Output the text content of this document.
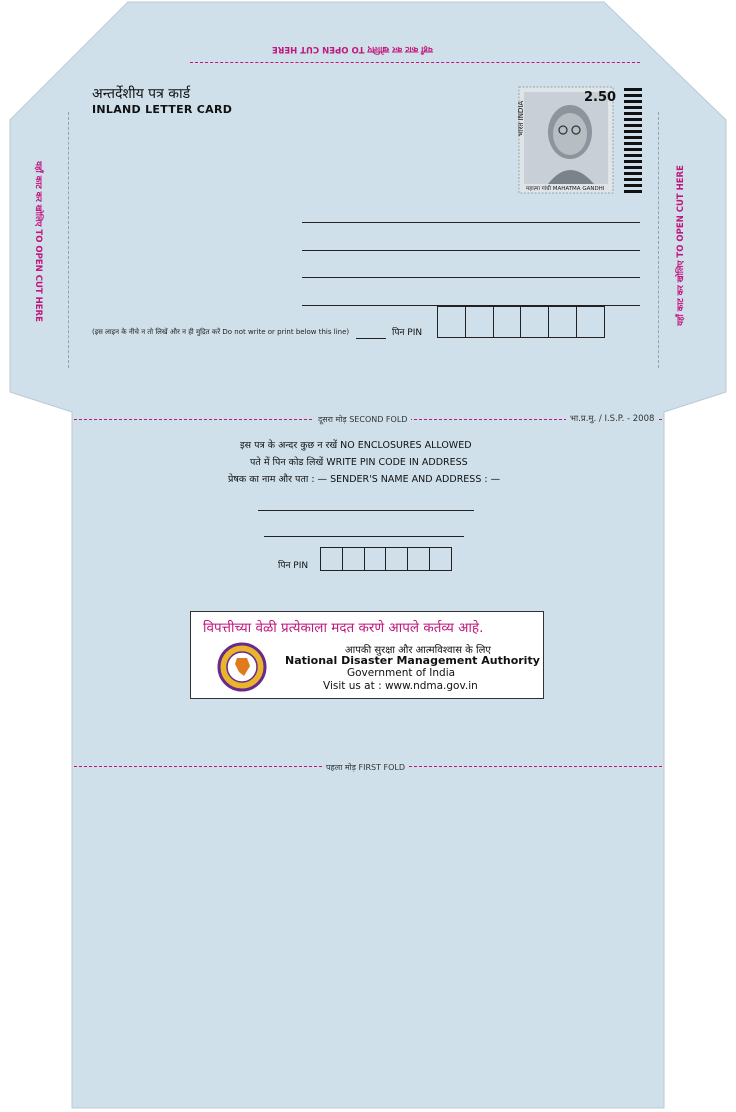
यहाँ काट कर खोलिए TO OPEN CUT HERE
यहाँ काट कर खोलिए TO OPEN CUT HERE	यहाँ काट कर खोलिए TO OPEN CUT HERE
अन्तर्देशीय पत्र कार्ड
INLAND LETTER CARD
2.50
भारत INDIA
महात्मा गांधी MAHATMA GANDHI
(इस लाइन के नीचे न तो लिखें और न ही मुद्रित करें Do not write or print below this line)	पिन PIN
दूसरा मोड़ SECOND FOLD	भा.प्र.मु. / I.S.P. - 2008
इस पत्र के अन्दर कुछ न रखें NO ENCLOSURES ALLOWED
पते में पिन कोड लिखें WRITE PIN CODE IN ADDRESS
प्रेषक का नाम और पता : — SENDER'S NAME AND ADDRESS : —
पिन PIN
विपत्तीच्या वेळी प्रत्येकाला मदत करणे आपले कर्तव्य आहे.
आपकी सुरक्षा और आत्मविश्वास के लिए
National Disaster Management Authority
Government of India
Visit us at : www.ndma.gov.in
पहला मोड़ FIRST FOLD
